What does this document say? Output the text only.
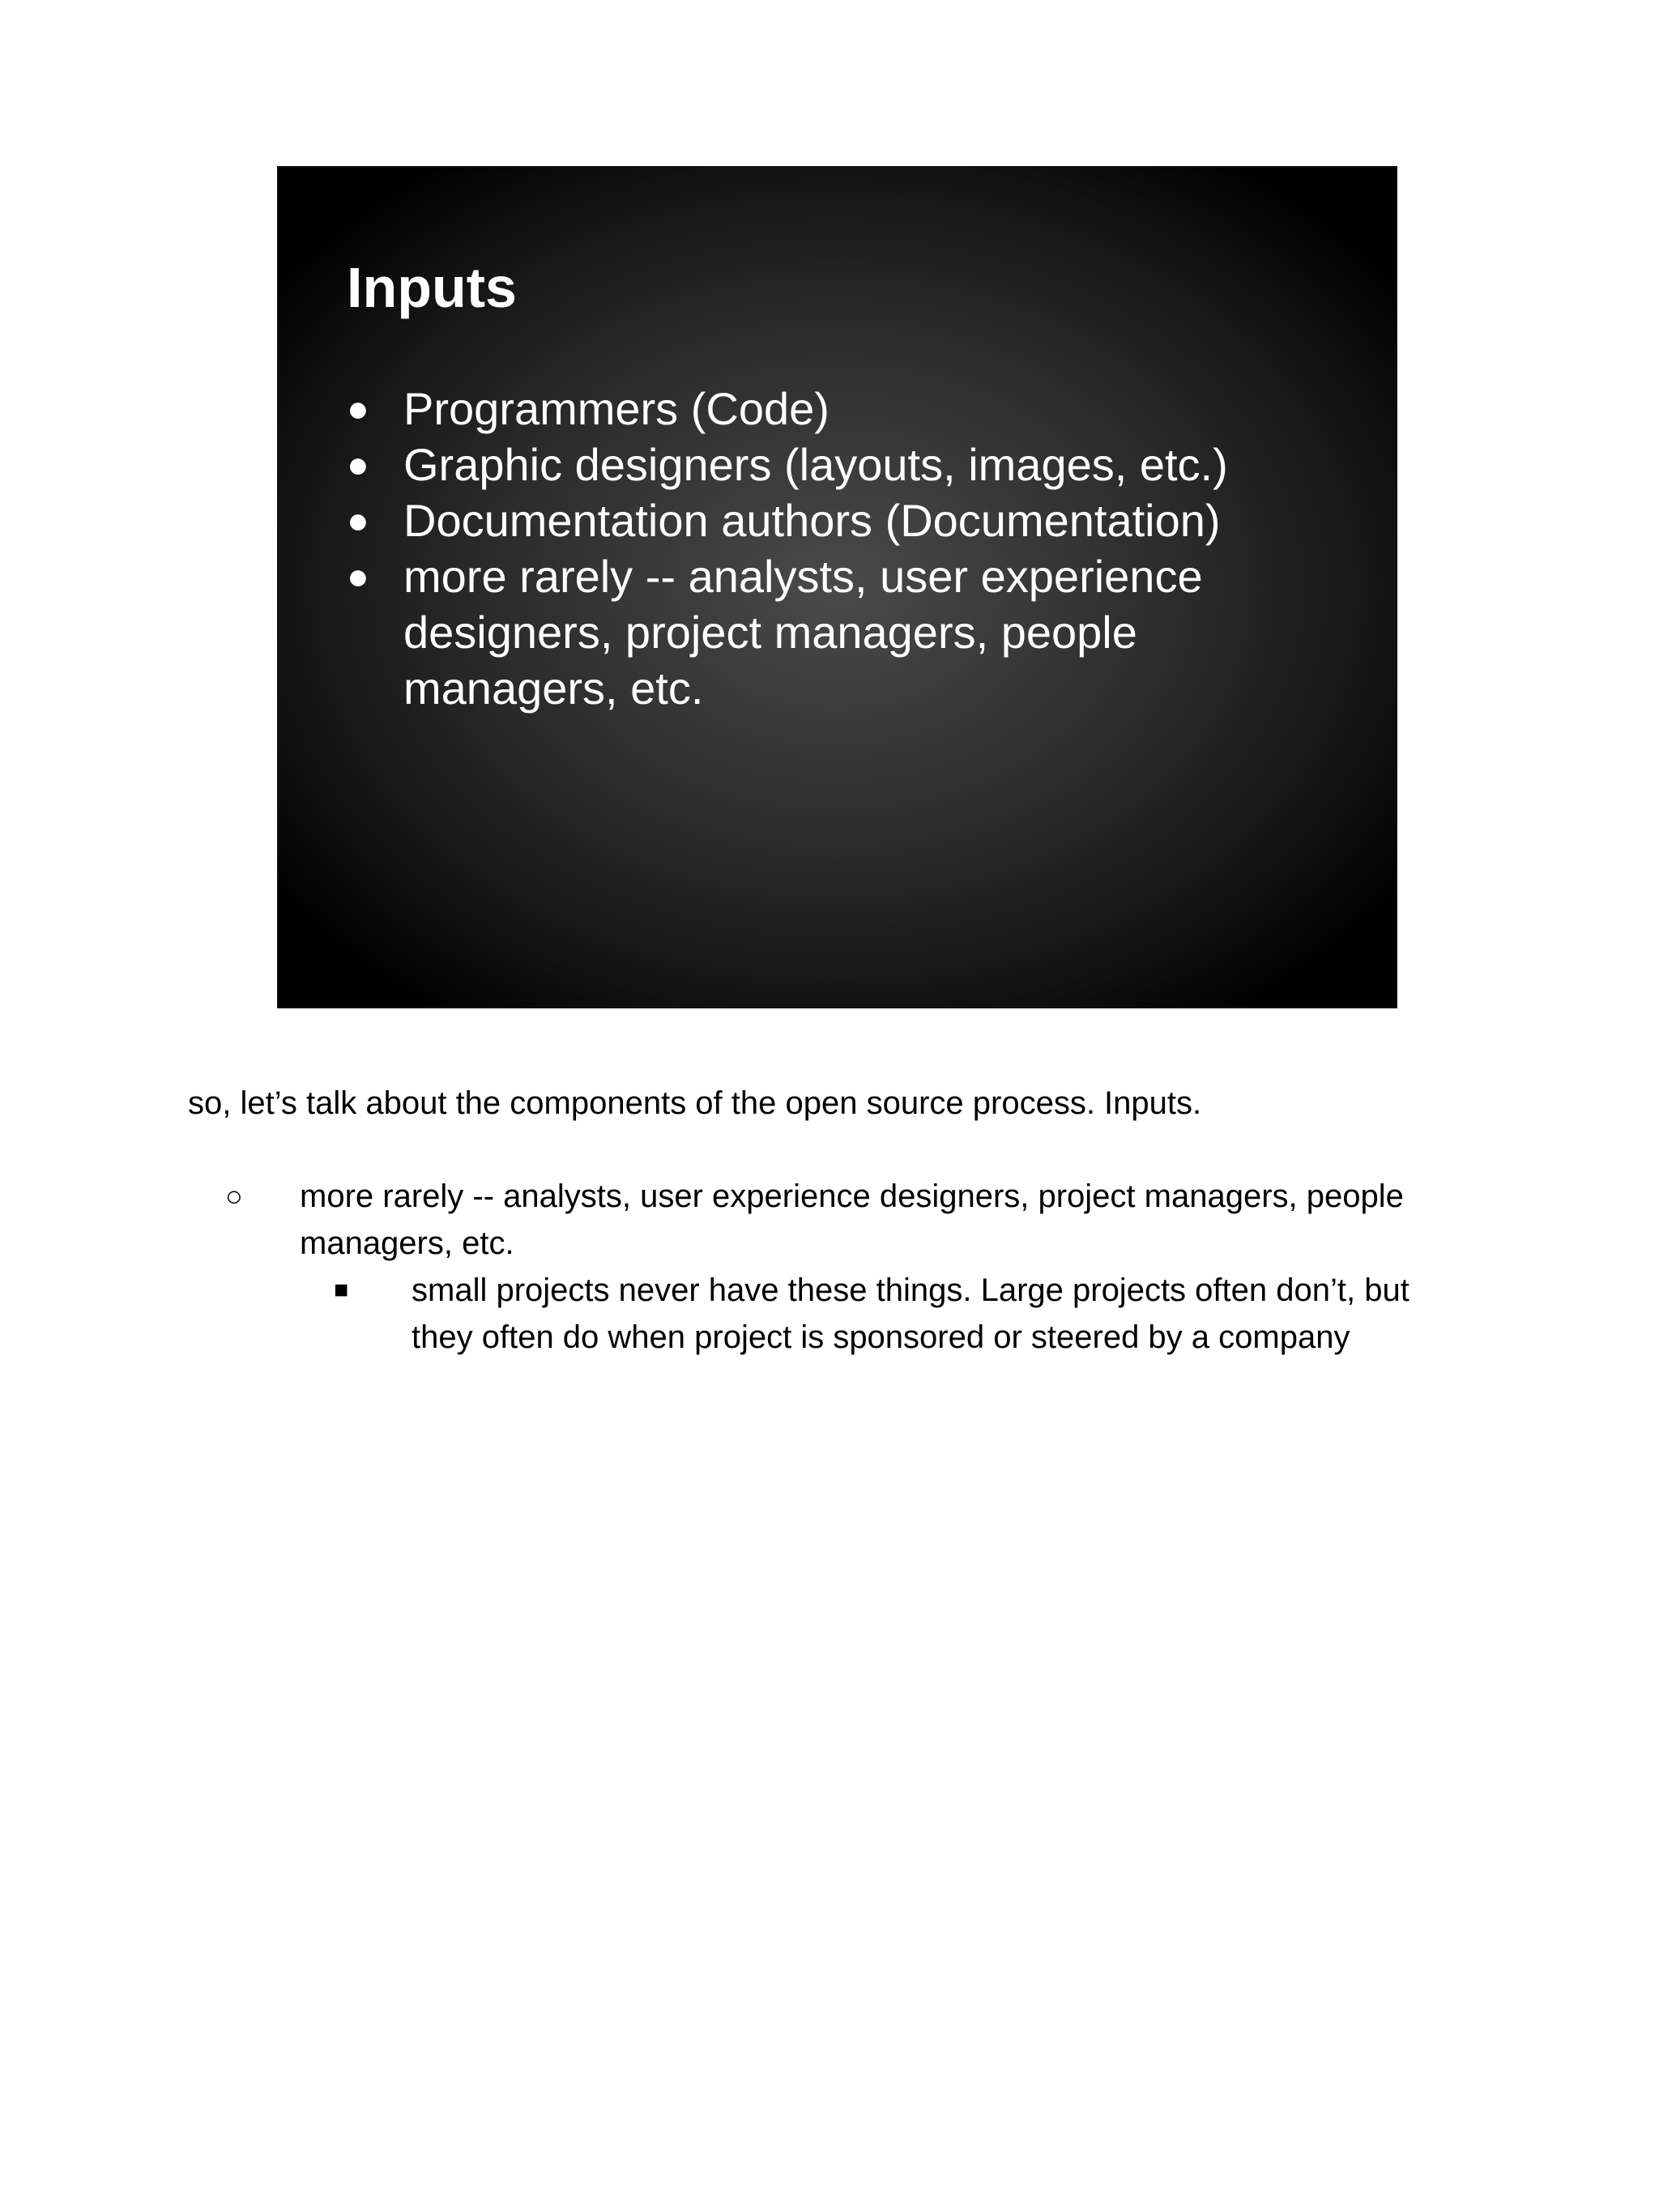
Inputs
● Programmers (Code)
● Graphic designers (layouts, images, etc.)
● Documentation authors (Documentation)
● more rarely -- analysts, user experience
designers, project managers, people
managers, etc.

so, let’s talk about the components of the open source process. Inputs.

○	more rarely -- analysts, user experience designers, project managers, people
managers, etc.
■	small projects never have these things. Large projects often don’t, but
they often do when project is sponsored or steered by a company
